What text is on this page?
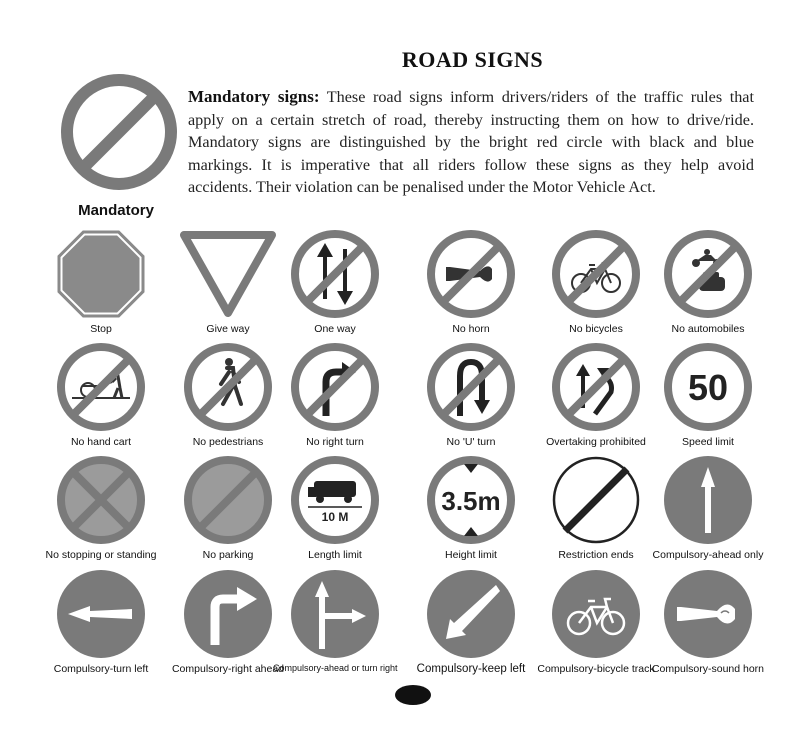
ROAD SIGNS
Mandatory
Mandatory signs: These road signs inform drivers/riders of the traffic rules that apply on a certain stretch of road, thereby instructing them on how to drive/ride. Mandatory signs are distinguished by the bright red circle with black and blue markings. It is imperative that all riders follow these signs as they help avoid accidents. Their violation can be penalised under the Motor Vehicle Act.
Stop	Give way	One way	No horn	No bicycles	No automobiles
No hand cart	No pedestrians	No right turn	No 'U' turn	Overtaking prohibited
50
Speed limit
No stopping or standing	No parking
10 M
Length limit
3.5m
Height limit	Restriction ends	Compulsory-ahead only
Compulsory-turn left	Compulsory-right ahead
Compulsory-ahead or turn right	Compulsory-keep left	Compulsory-bicycle track
Compulsory-sound horn
